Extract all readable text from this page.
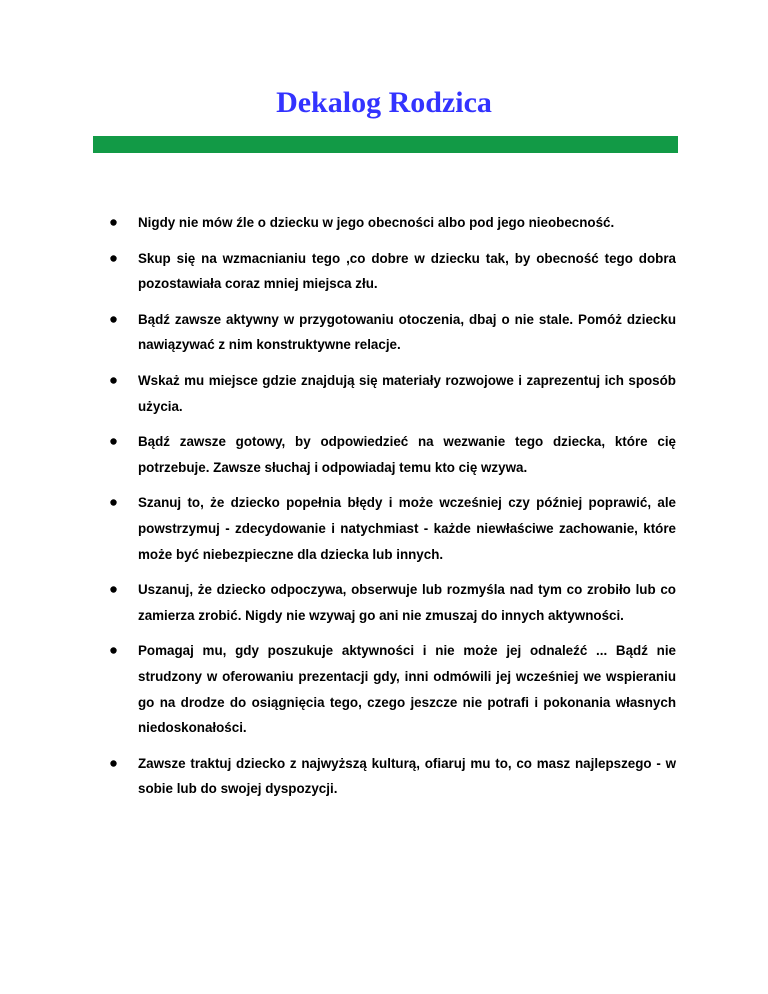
Dekalog Rodzica
Nigdy nie mów źle o dziecku w jego obecności albo pod jego nieobecność.
Skup się na wzmacnianiu tego ,co dobre w dziecku tak, by obecność tego dobra pozostawiała coraz mniej miejsca złu.
Bądź zawsze aktywny w przygotowaniu otoczenia, dbaj o nie stale. Pomóż dziecku nawiązywać z nim konstruktywne relacje.
Wskaż mu miejsce gdzie znajdują się materiały rozwojowe i zaprezentuj ich sposób użycia.
Bądź zawsze gotowy, by odpowiedzieć na wezwanie tego dziecka, które cię potrzebuje. Zawsze słuchaj i odpowiadaj temu kto cię wzywa.
Szanuj to, że dziecko popełnia błędy i może wcześniej czy później poprawić, ale powstrzymuj - zdecydowanie i natychmiast - każde niewłaściwe zachowanie, które może być niebezpieczne dla dziecka lub innych.
Uszanuj, że dziecko odpoczywa, obserwuje lub rozmyśla nad tym co zrobiło lub co zamierza zrobić. Nigdy nie wzywaj go ani nie zmuszaj do innych aktywności.
Pomagaj mu, gdy poszukuje aktywności i nie może jej odnaleźć ... Bądź nie strudzony w oferowaniu prezentacji gdy, inni odmówili jej wcześniej we wspieraniu go na drodze do osiągnięcia tego, czego jeszcze nie potrafi i pokonania własnych niedoskonałości.
Zawsze traktuj dziecko z najwyższą kulturą, ofiaruj mu to, co masz najlepszego - w sobie lub do swojej dyspozycji.
